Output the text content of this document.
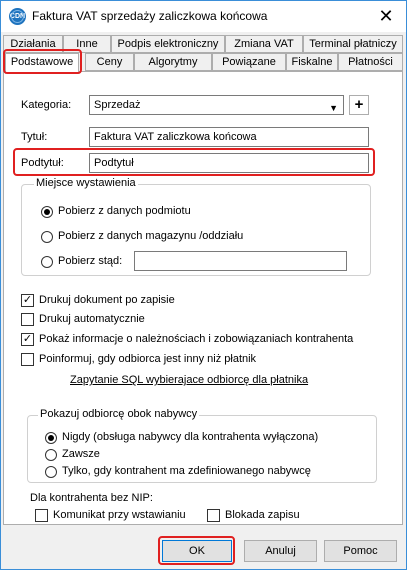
CDN Faktura VAT sprzedaży zaliczkowa końcowa	✕
Działania	Inne	Podpis elektroniczny	Zmiana VAT	Terminal płatniczy
Ceny	Algorytmy	Powiązane	Fiskalne	Płatności
Kategoria:	Sprzedaż	▼	+
Tytuł:	Faktura VAT zaliczkowa końcowa
Podtytuł:	Podtytuł
Miejsce wystawienia
Pobierz z danych podmiotu
Pobierz z danych magazynu /oddziału
Pobierz stąd:
✓ Drukuj dokument po zapisie
Drukuj automatycznie
✓ Pokaż informacje o należnościach i zobowiązaniach kontrahenta
Poinformuj, gdy odbiorca jest inny niż płatnik
Zapytanie SQL wybierajace odbiorcę dla płatnika
Pokazuj odbiorcę obok nabywcy
Nigdy (obsługa nabywcy dla kontrahenta wyłączona)
Zawsze
Tylko, gdy kontrahent ma zdefiniowanego nabywcę
Dla kontrahenta bez NIP:
Komunikat przy wstawianiu	Blokada zapisu
Podstawowe
OK	Anuluj	Pomoc
